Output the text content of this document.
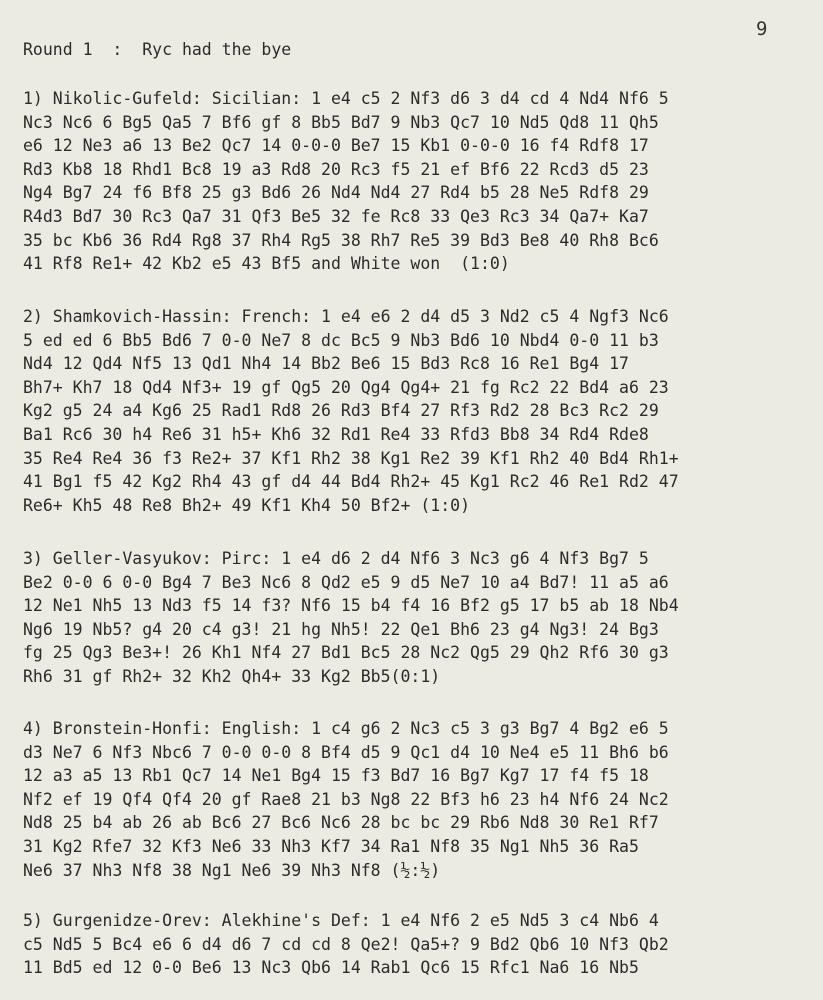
9
Round 1  :  Ryc had the bye
1) Nikolic-Gufeld: Sicilian: 1 e4 c5 2 Nf3 d6 3 d4 cd 4 Nd4 Nf6 5
Nc3 Nc6 6 Bg5 Qa5 7 Bf6 gf 8 Bb5 Bd7 9 Nb3 Qc7 10 Nd5 Qd8 11 Qh5
e6 12 Ne3 a6 13 Be2 Qc7 14 0-0-0 Be7 15 Kb1 0-0-0 16 f4 Rdf8 17
Rd3 Kb8 18 Rhd1 Bc8 19 a3 Rd8 20 Rc3 f5 21 ef Bf6 22 Rcd3 d5 23
Ng4 Bg7 24 f6 Bf8 25 g3 Bd6 26 Nd4 Nd4 27 Rd4 b5 28 Ne5 Rdf8 29
R4d3 Bd7 30 Rc3 Qa7 31 Qf3 Be5 32 fe Rc8 33 Qe3 Rc3 34 Qa7+ Ka7
35 bc Kb6 36 Rd4 Rg8 37 Rh4 Rg5 38 Rh7 Re5 39 Bd3 Be8 40 Rh8 Bc6
41 Rf8 Re1+ 42 Kb2 e5 43 Bf5 and White won  (1:0)
2) Shamkovich-Hassin: French: 1 e4 e6 2 d4 d5 3 Nd2 c5 4 Ngf3 Nc6
5 ed ed 6 Bb5 Bd6 7 0-0 Ne7 8 dc Bc5 9 Nb3 Bd6 10 Nbd4 0-0 11 b3
Nd4 12 Qd4 Nf5 13 Qd1 Nh4 14 Bb2 Be6 15 Bd3 Rc8 16 Re1 Bg4 17
Bh7+ Kh7 18 Qd4 Nf3+ 19 gf Qg5 20 Qg4 Qg4+ 21 fg Rc2 22 Bd4 a6 23
Kg2 g5 24 a4 Kg6 25 Rad1 Rd8 26 Rd3 Bf4 27 Rf3 Rd2 28 Bc3 Rc2 29
Ba1 Rc6 30 h4 Re6 31 h5+ Kh6 32 Rd1 Re4 33 Rfd3 Bb8 34 Rd4 Rde8
35 Re4 Re4 36 f3 Re2+ 37 Kf1 Rh2 38 Kg1 Re2 39 Kf1 Rh2 40 Bd4 Rh1+
41 Bg1 f5 42 Kg2 Rh4 43 gf d4 44 Bd4 Rh2+ 45 Kg1 Rc2 46 Re1 Rd2 47
Re6+ Kh5 48 Re8 Bh2+ 49 Kf1 Kh4 50 Bf2+ (1:0)
3) Geller-Vasyukov: Pirc: 1 e4 d6 2 d4 Nf6 3 Nc3 g6 4 Nf3 Bg7 5
Be2 0-0 6 0-0 Bg4 7 Be3 Nc6 8 Qd2 e5 9 d5 Ne7 10 a4 Bd7! 11 a5 a6
12 Ne1 Nh5 13 Nd3 f5 14 f3? Nf6 15 b4 f4 16 Bf2 g5 17 b5 ab 18 Nb4
Ng6 19 Nb5? g4 20 c4 g3! 21 hg Nh5! 22 Qe1 Bh6 23 g4 Ng3! 24 Bg3
fg 25 Qg3 Be3+! 26 Kh1 Nf4 27 Bd1 Bc5 28 Nc2 Qg5 29 Qh2 Rf6 30 g3
Rh6 31 gf Rh2+ 32 Kh2 Qh4+ 33 Kg2 Bb5(0:1)
4) Bronstein-Honfi: English: 1 c4 g6 2 Nc3 c5 3 g3 Bg7 4 Bg2 e6 5
d3 Ne7 6 Nf3 Nbc6 7 0-0 0-0 8 Bf4 d5 9 Qc1 d4 10 Ne4 e5 11 Bh6 b6
12 a3 a5 13 Rb1 Qc7 14 Ne1 Bg4 15 f3 Bd7 16 Bg7 Kg7 17 f4 f5 18
Nf2 ef 19 Qf4 Qf4 20 gf Rae8 21 b3 Ng8 22 Bf3 h6 23 h4 Nf6 24 Nc2
Nd8 25 b4 ab 26 ab Bc6 27 Bc6 Nc6 28 bc bc 29 Rb6 Nd8 30 Re1 Rf7
31 Kg2 Rfe7 32 Kf3 Ne6 33 Nh3 Kf7 34 Ra1 Nf8 35 Ng1 Nh5 36 Ra5
Ne6 37 Nh3 Nf8 38 Ng1 Ne6 39 Nh3 Nf8 (½:½)
5) Gurgenidze-Orev: Alekhine's Def: 1 e4 Nf6 2 e5 Nd5 3 c4 Nb6 4
c5 Nd5 5 Bc4 e6 6 d4 d6 7 cd cd 8 Qe2! Qa5+? 9 Bd2 Qb6 10 Nf3 Qb2
11 Bd5 ed 12 0-0 Be6 13 Nc3 Qb6 14 Rab1 Qc6 15 Rfc1 Na6 16 Nb5
